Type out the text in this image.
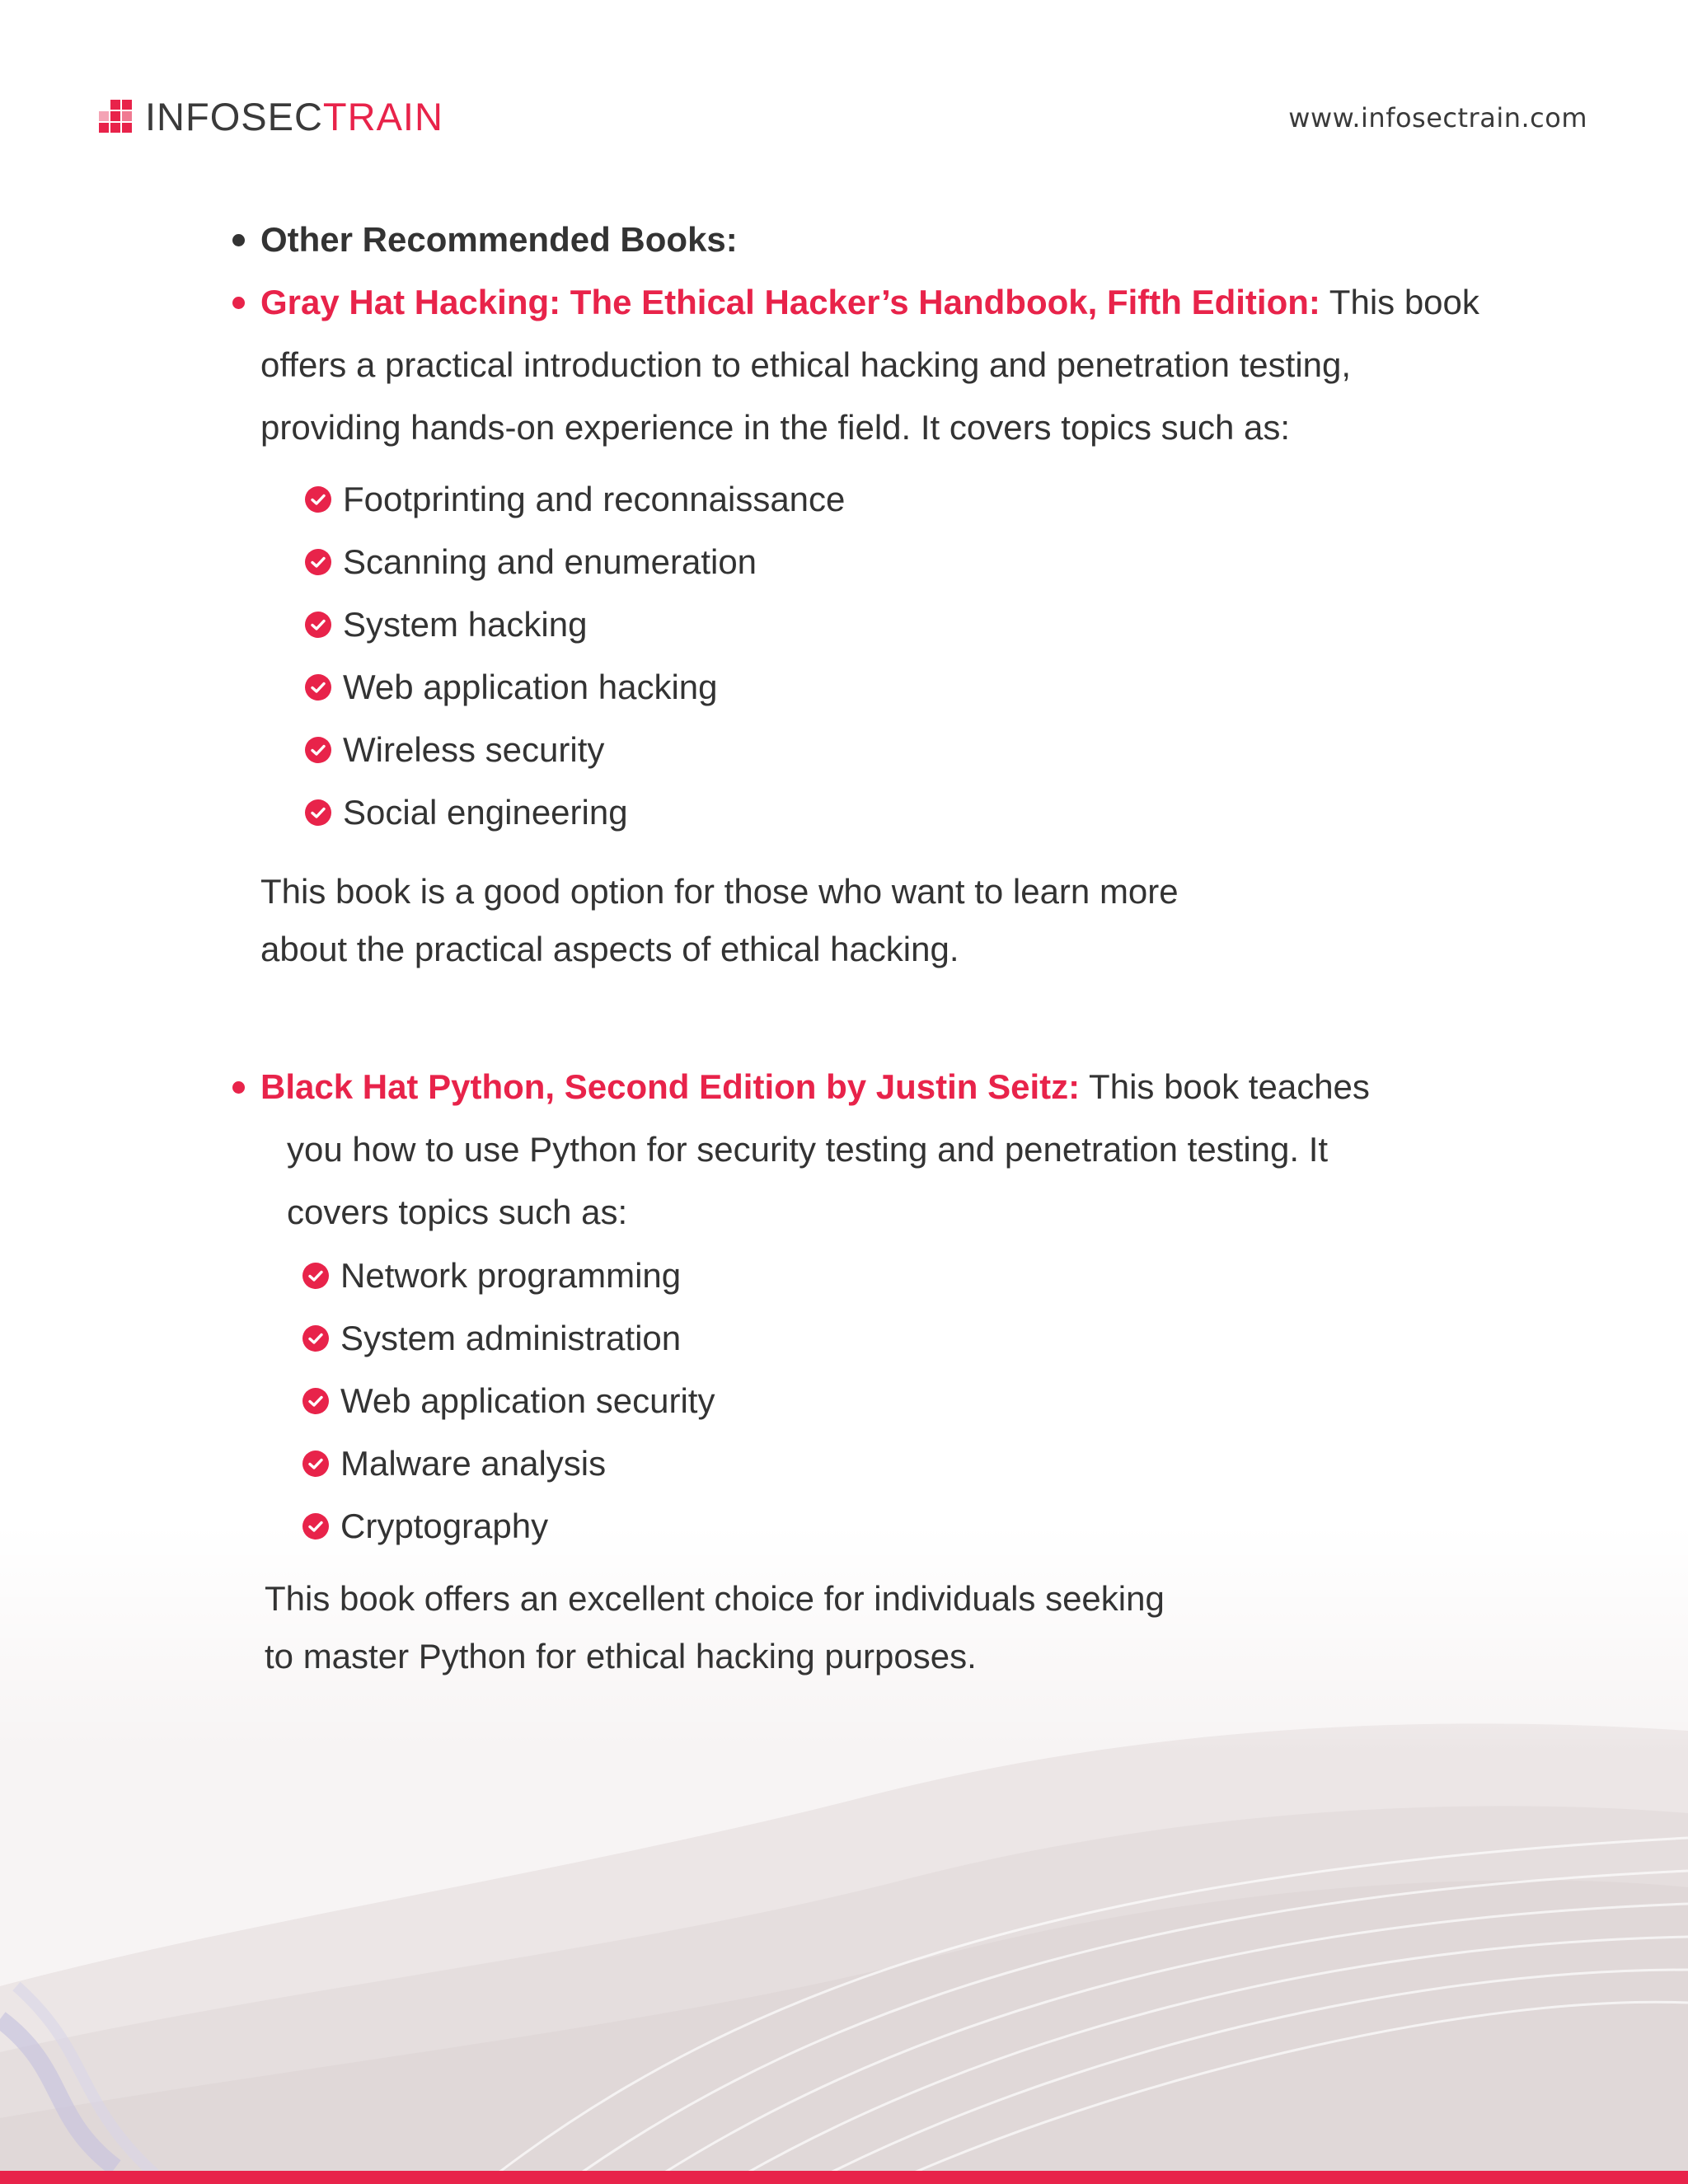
INFOSECTRAIN	www.infosectrain.com
Other Recommended Books:
Gray Hat Hacking: The Ethical Hacker’s Handbook, Fifth Edition: This book
offers a practical introduction to ethical hacking and penetration testing,
providing hands-on experience in the field. It covers topics such as:
Footprinting and reconnaissance
Scanning and enumeration
System hacking
Web application hacking
Wireless security
Social engineering
This book is a good option for those who want to learn more
about the practical aspects of ethical hacking.
Black Hat Python, Second Edition by Justin Seitz: This book teaches
you how to use Python for security testing and penetration testing. It
covers topics such as:
Network programming
System administration
Web application security
Malware analysis
Cryptography
This book offers an excellent choice for individuals seeking
to master Python for ethical hacking purposes.
